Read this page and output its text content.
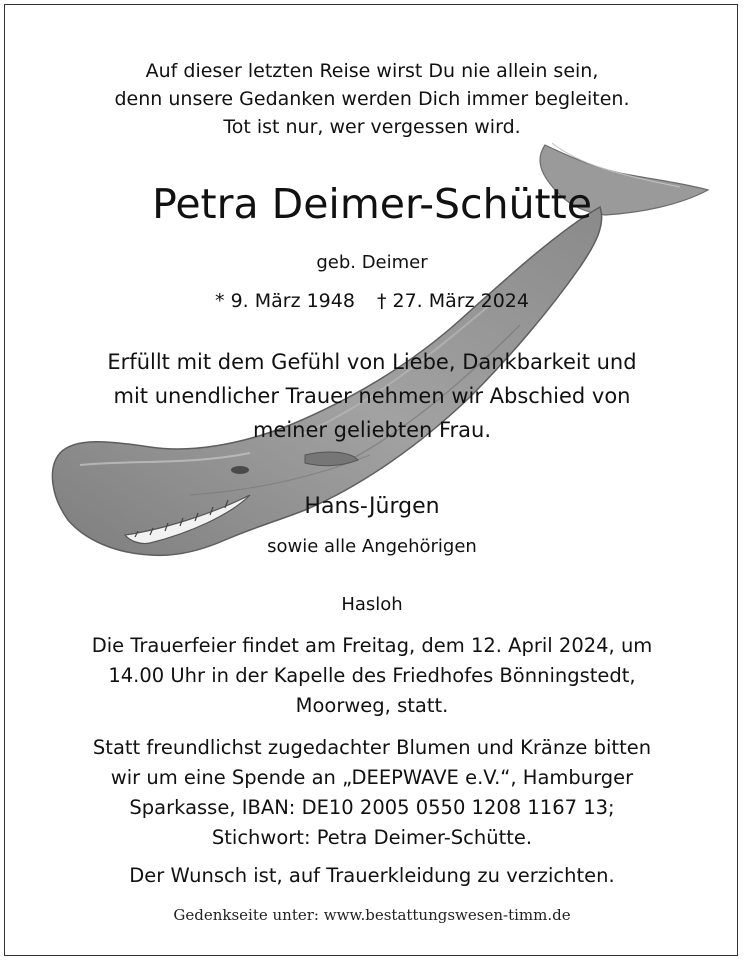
Auf dieser letzten Reise wirst Du nie allein sein,
denn unsere Gedanken werden Dich immer begleiten.
Tot ist nur, wer vergessen wird.
Petra Deimer-Schütte
geb. Deimer
* 9. März 1948 † 27. März 2024
Erfüllt mit dem Gefühl von Liebe, Dankbarkeit und
mit unendlicher Trauer nehmen wir Abschied von
meiner geliebten Frau.
Hans-Jürgen
sowie alle Angehörigen
Hasloh
Die Trauerfeier findet am Freitag, dem 12. April 2024, um
14.00 Uhr in der Kapelle des Friedhofes Bönningstedt,
Moorweg, statt.
Statt freundlichst zugedachter Blumen und Kränze bitten
wir um eine Spende an „DEEPWAVE e.V.“, Hamburger
Sparkasse, IBAN: DE10 2005 0550 1208 1167 13;
Stichwort: Petra Deimer-Schütte.
Der Wunsch ist, auf Trauerkleidung zu verzichten.
Gedenkseite unter: www.bestattungswesen-timm.de
